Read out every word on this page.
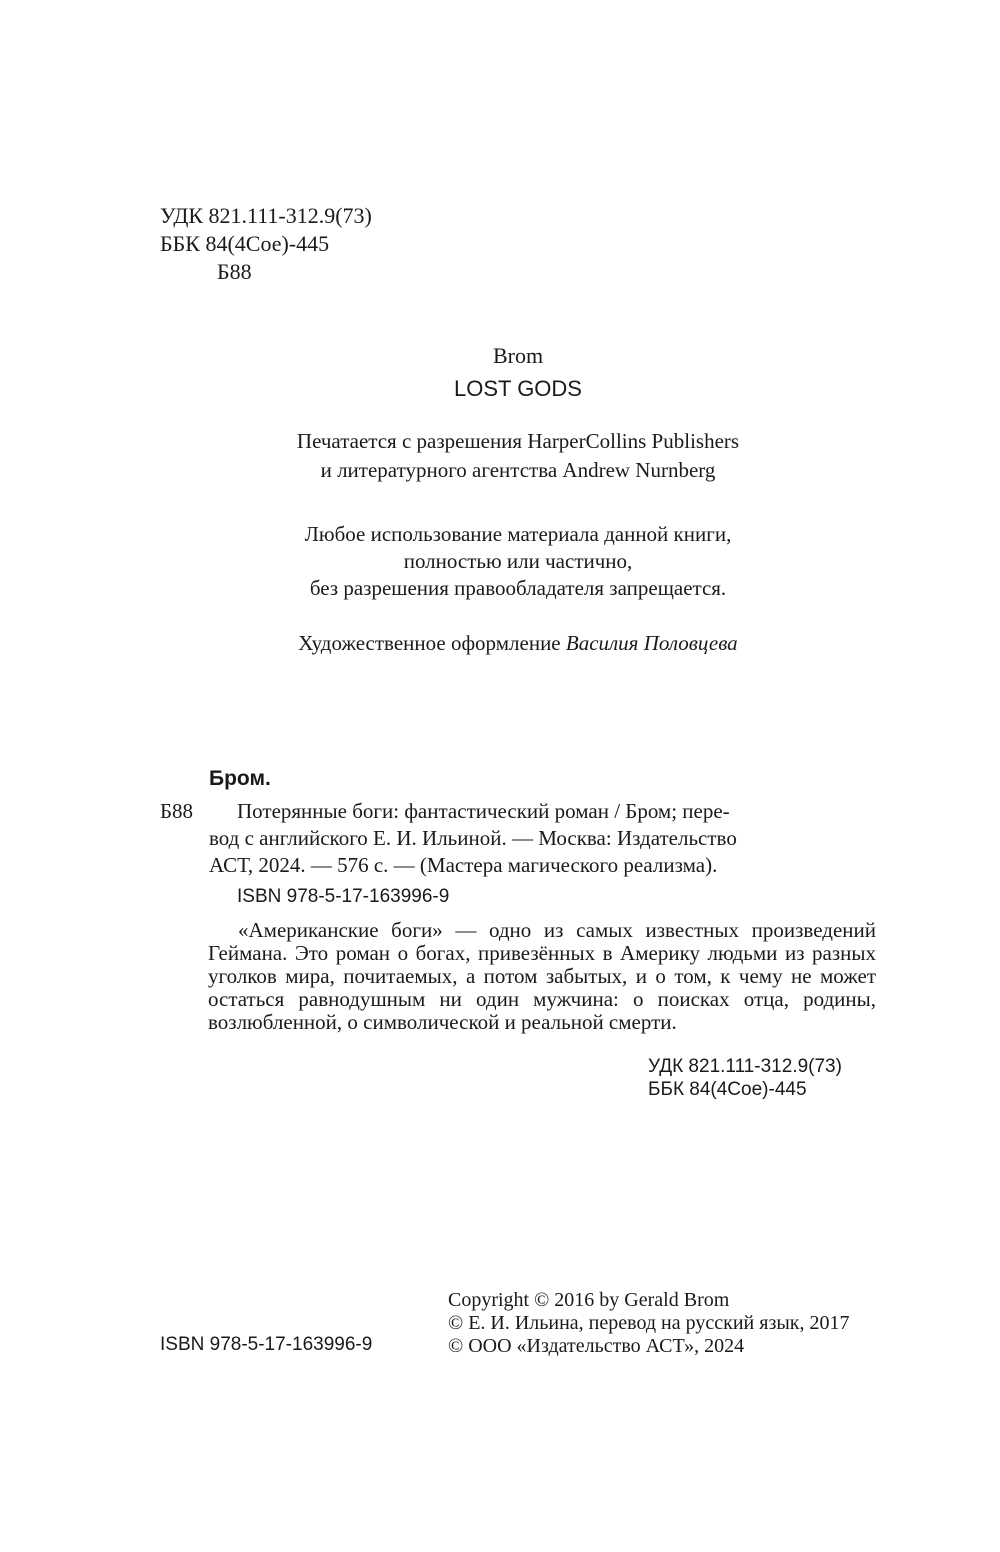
УДК 821.111-312.9(73)
ББК 84(4Сое)-445
Б88
Brom
LOST GODS
Печатается с разрешения HarperCollins Publishers
и литературного агентства Andrew Nurnberg
Любое использование материала данной книги,
полностью или частично,
без разрешения правообладателя запрещается.
Художественное оформление Василия Половцева
Бром.
Б88 Потерянные боги: фантастический роман / Бром; пере-
вод с английского Е. И. Ильиной. — Москва: Издательство
АСТ, 2024. — 576 с. — (Мастера магического реализма).
ISBN 978-5-17-163996-9
«Американские боги» — одно из самых известных произведений Геймана. Это роман о богах, привезённых в Америку людьми из разных уголков мира, почитаемых, а потом забытых, и о том, к чему не может остаться равнодушным ни один мужчина: о поисках отца, родины, возлюбленной, о символической и реальной смерти.
УДК 821.111-312.9(73)
ББК 84(4Сое)-445
ISBN 978-5-17-163996-9
Copyright © 2016 by Gerald Brom
© Е. И. Ильина, перевод на русский язык, 2017
© ООО «Издательство АСТ», 2024
